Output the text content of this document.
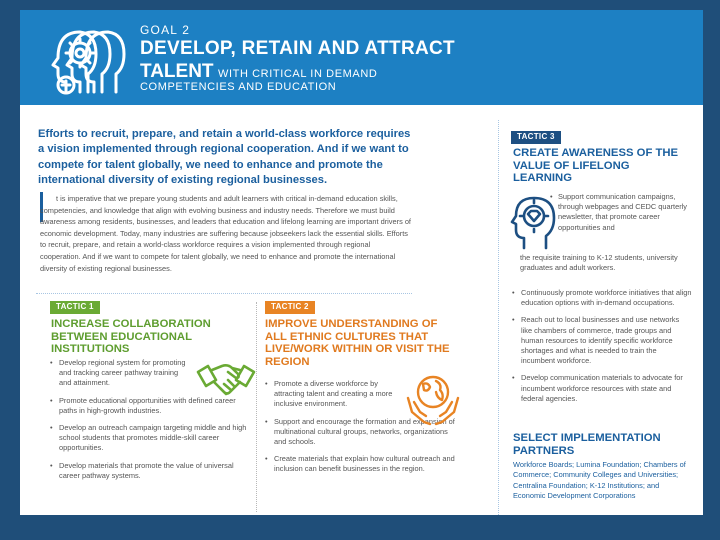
GOAL 2
DEVELOP, RETAIN AND ATTRACT
TALENT WITH CRITICAL IN DEMAND
COMPETENCIES AND EDUCATION
Efforts to recruit, prepare, and retain a world-class workforce requires a vision implemented through regional cooperation. And if we want to compete for talent globally, we need to enhance and promote the international diversity of existing regional businesses.
t is imperative that we prepare young students and adult learners with critical in-demand education skills, competencies, and knowledge that align with evolving business and industry needs. Therefore we must build awareness among residents, businesses, and leaders that education and lifelong learning are important drivers of economic development. Today, many industries are suffering because jobseekers lack the essential skills. Efforts to recruit, prepare, and retain a world-class workforce requires a vision implemented through regional cooperation. And if we want to compete for talent globally, we need to enhance and promote the international diversity of existing regional businesses.
TACTIC 1
INCREASE COLLABORATION BETWEEN EDUCATIONAL INSTITUTIONS
• Develop regional system for promoting and tracking career pathway training and attainment.
• Promote educational opportunities with defined career paths in high-growth industries.
• Develop an outreach campaign targeting middle and high school students that promotes middle-skill career opportunities.
• Develop materials that promote the value of universal career pathway systems.
TACTIC 2
IMPROVE UNDERSTANDING OF ALL ETHNIC CULTURES THAT LIVE/WORK WITHIN OR VISIT THE REGION
• Promote a diverse workforce by attracting talent and creating a more inclusive environment.
• Support and encourage the formation and expansion of multinational cultural groups, networks, organizations and schools.
• Create materials that explain how cultural outreach and inclusion can benefit businesses in the region.
TACTIC 3
CREATE AWARENESS OF THE VALUE OF LIFELONG LEARNING
• Support communication campaigns, through webpages and CEDC quarterly newsletter, that promote career opportunities and
the requisite training to K-12 students, university graduates and adult workers.
• Continuously promote workforce initiatives that align education options with in-demand occupations.
• Reach out to local businesses and use networks like chambers of commerce, trade groups and human resources to identify specific workforce shortages and what is needed to train the incumbent workforce.
• Develop communication materials to advocate for incumbent workforce resources with state and federal agencies.
SELECT IMPLEMENTATION PARTNERS
Workforce Boards; Lumina Foundation; Chambers of Commerce; Community Colleges and Universities; Centralina Foundation; K-12 Institutions; and Economic Development Corporations
